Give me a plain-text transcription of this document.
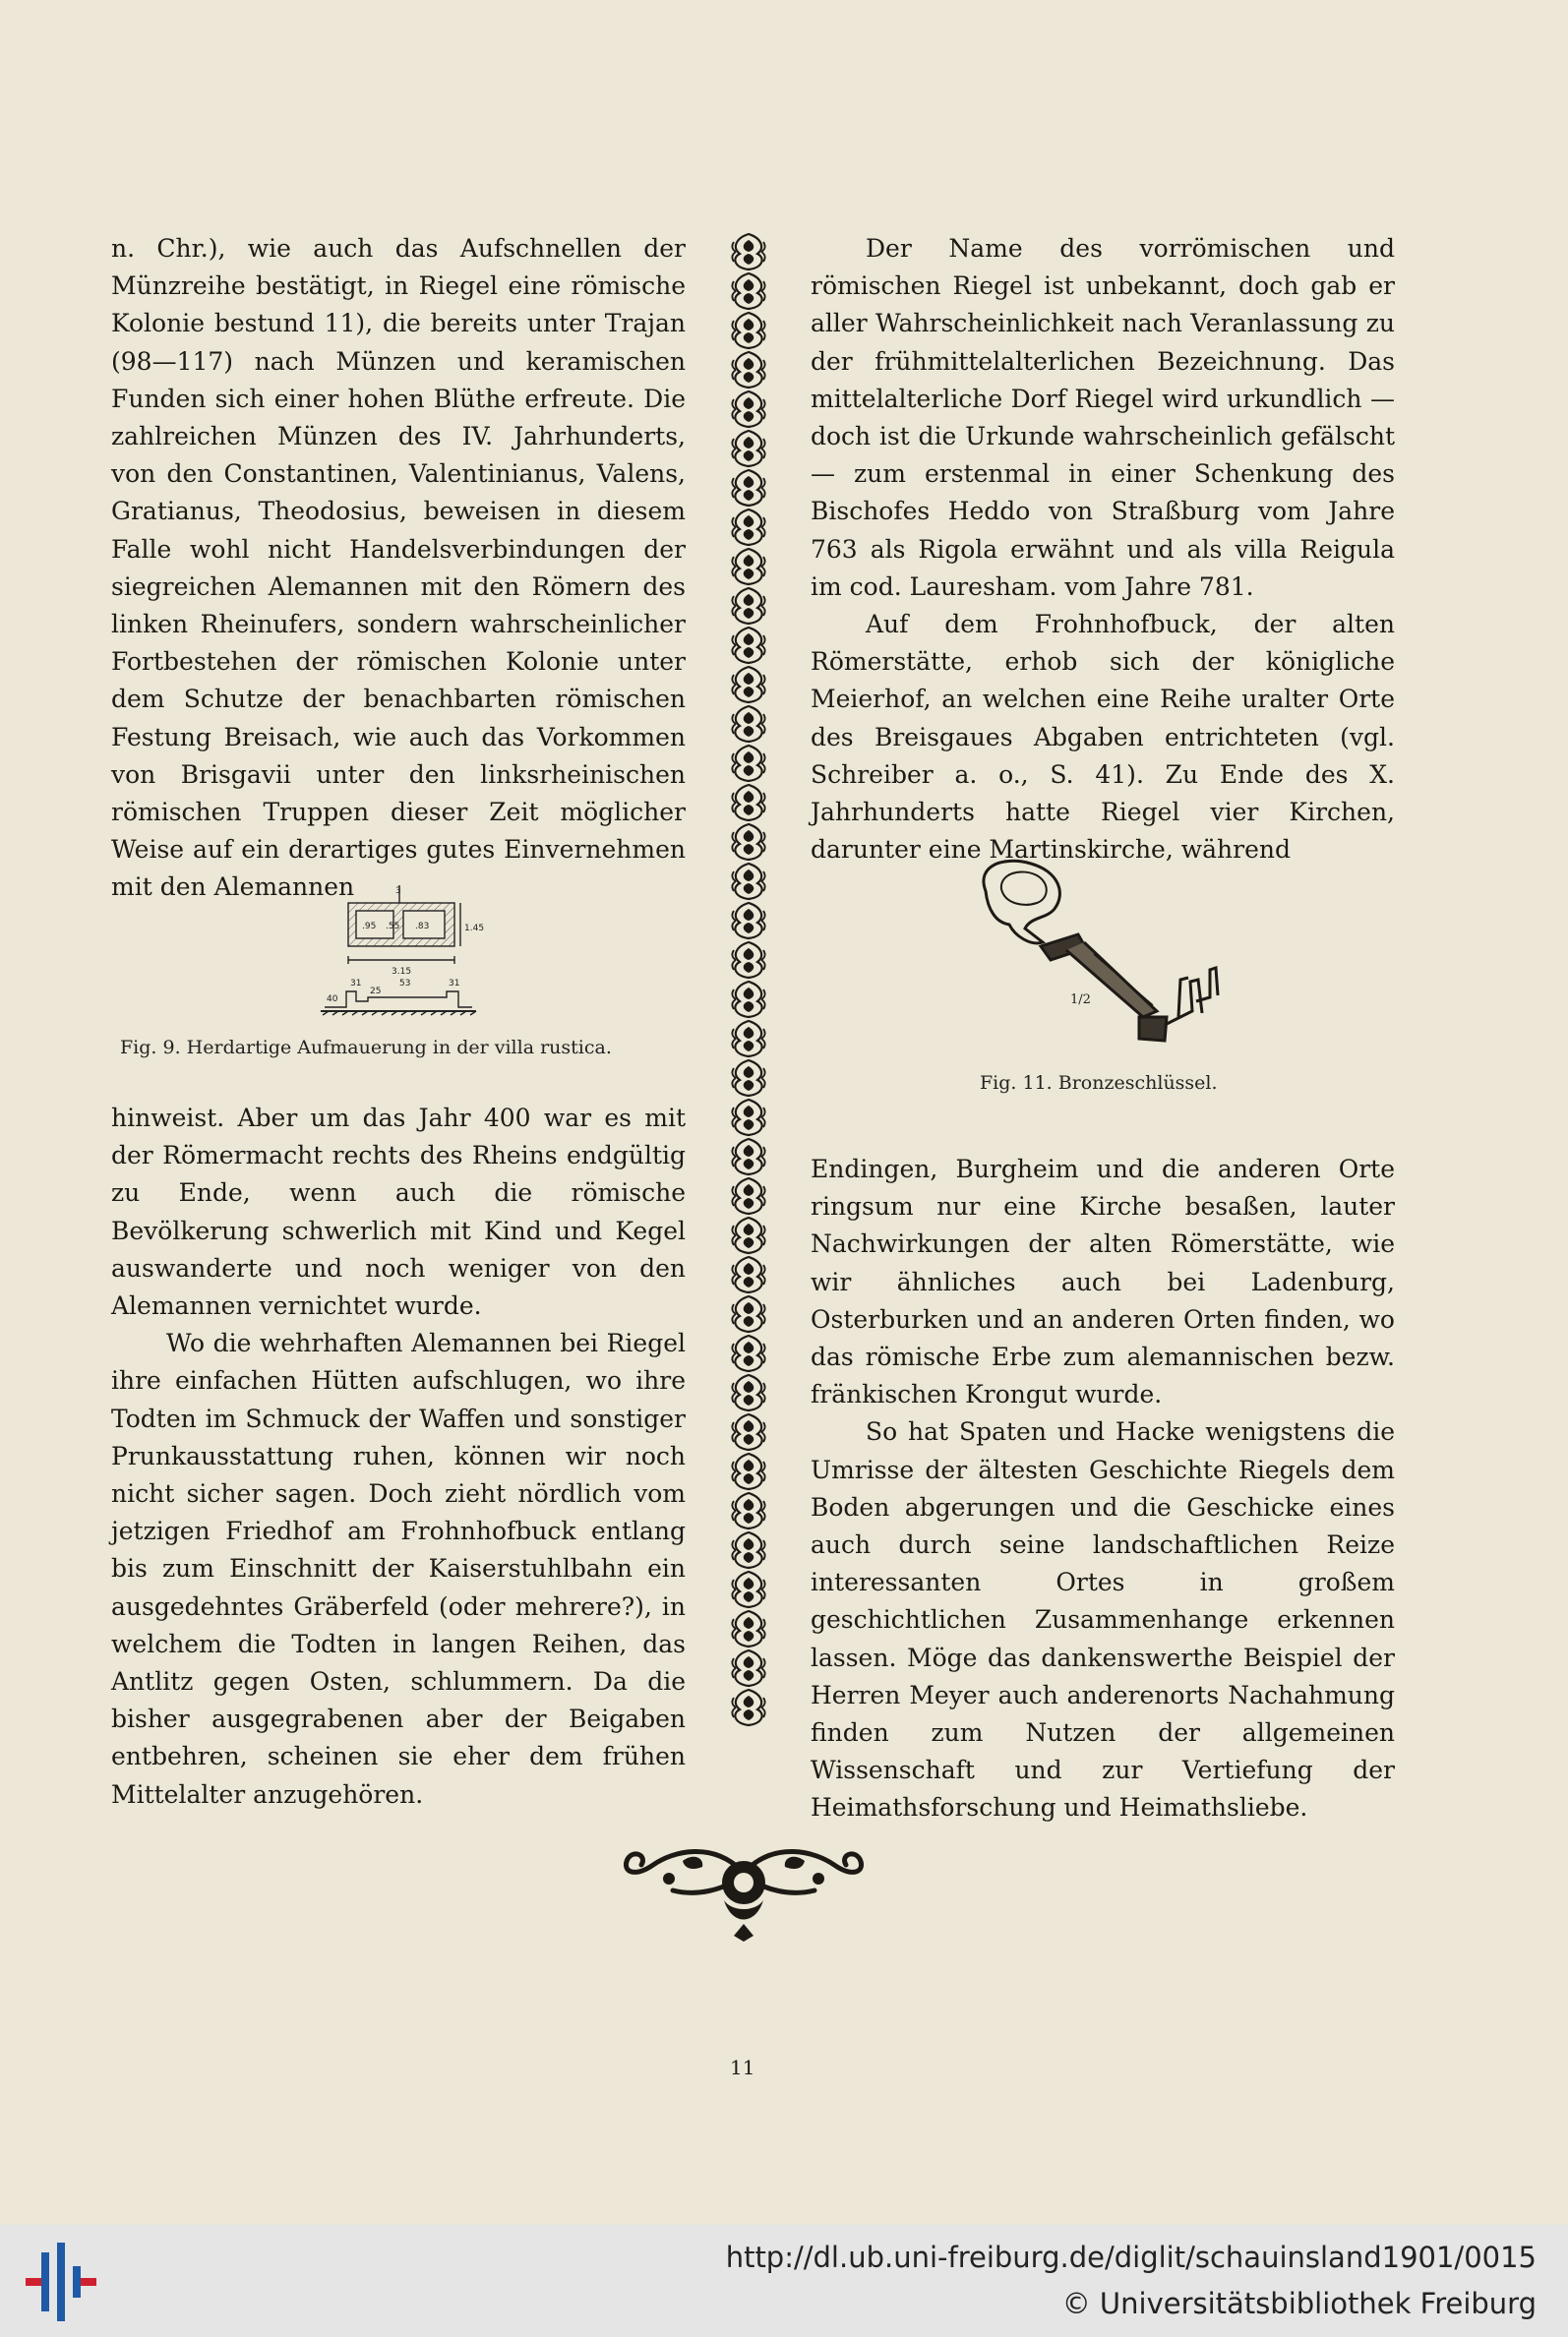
n. Chr.), wie auch das Aufschnellen der Münzreihe bestätigt, in Riegel eine römische Kolonie bestund 11), die bereits unter Trajan (98—117) nach Münzen und keramischen Funden sich einer hohen Blüthe erfreute. Die zahlreichen Münzen des IV. Jahrhunderts, von den Constantinen, Valentinianus, Valens, Gratianus, Theodosius, beweisen in diesem Falle wohl nicht Handelsverbindungen der siegreichen Alemannen mit den Römern des linken Rheinufers, sondern wahrscheinlicher Fortbestehen der römischen Kolonie unter dem Schutze der benachbarten römischen Festung Breisach, wie auch das Vorkommen von Brisgavii unter den linksrheinischen römischen Truppen dieser Zeit möglicher Weise auf ein derartiges gutes Einvernehmen mit den Alemannen	3
.95 .55 .83	1.45
3.15
31	53	31
40
25
Fig. 9. Herdartige Aufmauerung in der villa rustica.

hinweist. Aber um das Jahr 400 war es mit der Römermacht rechts des Rheins endgültig zu Ende, wenn auch die römische Bevölkerung schwerlich mit Kind und Kegel auswanderte und noch weniger von den Alemannen vernichtet wurde.

Wo die wehrhaften Alemannen bei Riegel ihre einfachen Hütten aufschlugen, wo ihre Todten im Schmuck der Waffen und sonstiger Prunkausstattung ruhen, können wir noch nicht sicher sagen. Doch zieht nördlich vom jetzigen Friedhof am Frohnhofbuck entlang bis zum Einschnitt der Kaiserstuhlbahn ein ausgedehntes Gräberfeld (oder mehrere?), in welchem die Todten in langen Reihen, das Antlitz gegen Osten, schlummern. Da die bisher ausgegrabenen aber der Beigaben entbehren, scheinen sie eher dem frühen Mittelalter anzugehören.

Der Name des vorrömischen und römischen Riegel ist unbekannt, doch gab er aller Wahrscheinlichkeit nach Veranlassung zu der frühmittelalterlichen Bezeichnung. Das mittelalterliche Dorf Riegel wird urkundlich — doch ist die Urkunde wahrscheinlich gefälscht — zum erstenmal in einer Schenkung des Bischofes Heddo von Straßburg vom Jahre 763 als Rigola erwähnt und als villa Reigula im cod. Lauresham. vom Jahre 781.

Auf dem Frohnhofbuck, der alten Römerstätte, erhob sich der königliche Meierhof, an welchen eine Reihe uralter Orte des Breisgaues Abgaben entrichteten (vgl. Schreiber a. o., S. 41). Zu Ende des X. Jahrhunderts hatte Riegel vier Kirchen, darunter eine Martinskirche, während

1/2
Fig. 11. Bronzeschlüssel.

Endingen, Burgheim und die anderen Orte ringsum nur eine Kirche besaßen, lauter Nachwirkungen der alten Römerstätte, wie wir ähnliches auch bei Ladenburg, Osterburken und an anderen Orten finden, wo das römische Erbe zum alemannischen bezw. fränkischen Krongut wurde.

So hat Spaten und Hacke wenigstens die Umrisse der ältesten Geschichte Riegels dem Boden abgerungen und die Geschicke eines auch durch seine landschaftlichen Reize interessanten Ortes in großem geschichtlichen Zusammenhange erkennen lassen. Möge das dankenswerthe Beispiel der Herren Meyer auch anderenorts Nachahmung finden zum Nutzen der allgemeinen Wissenschaft und zur Vertiefung der Heimathsforschung und Heimathsliebe.

11
http://dl.ub.uni-freiburg.de/diglit/schauinsland1901/0015
© Universitätsbibliothek Freiburg
